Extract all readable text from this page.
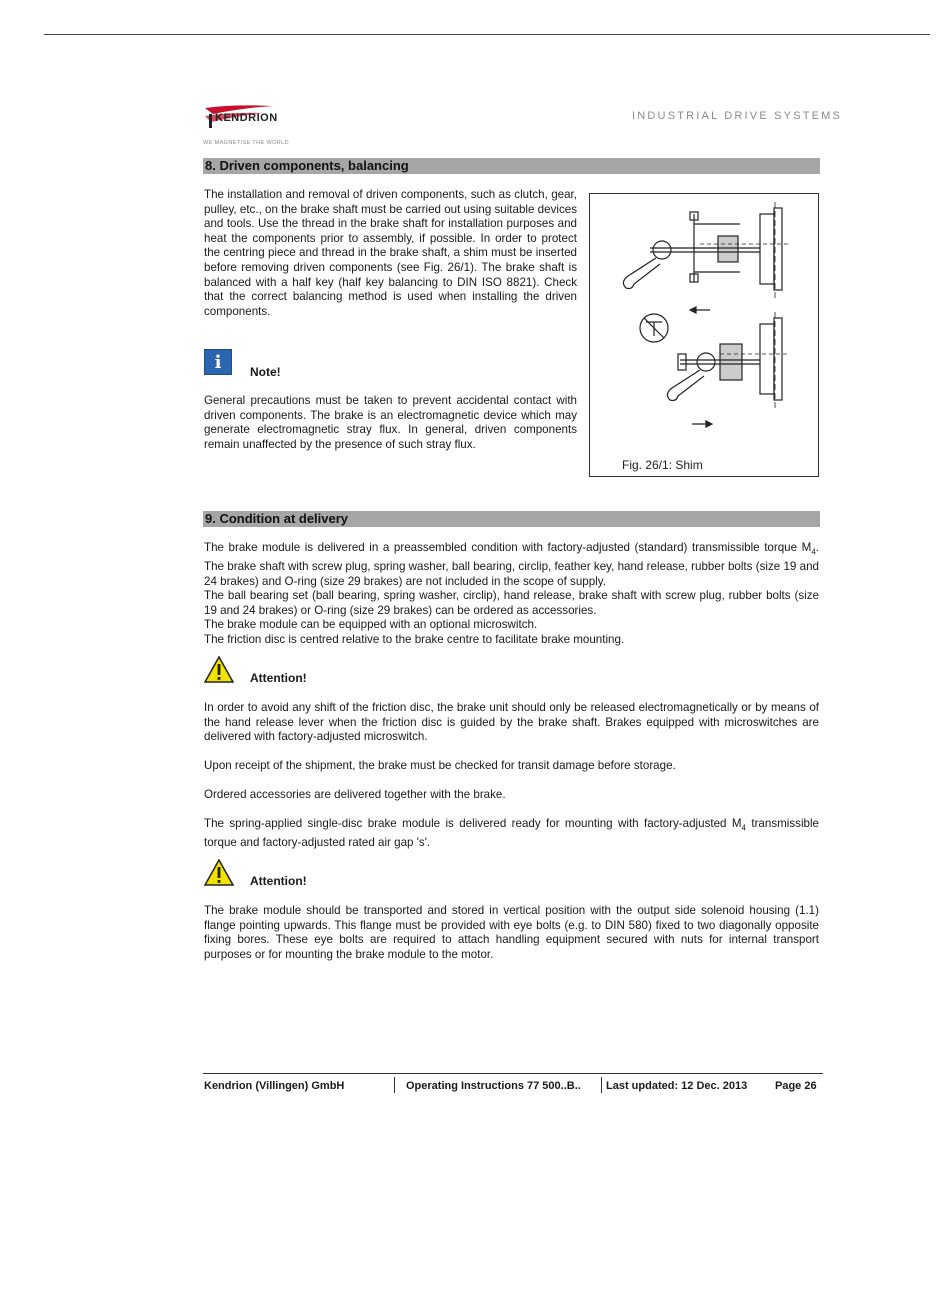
KENDRION
WE MAGNETISE THE WORLD
INDUSTRIAL DRIVE SYSTEMS
8. Driven components, balancing

The installation and removal of driven components, such as clutch, gear, pulley, etc., on the brake shaft must be carried out using suitable devices and tools. Use the thread in the brake shaft for installation purposes and heat the components prior to assembly, if possible. In order to protect the centring piece and thread in the brake shaft, a shim must be inserted before removing driven components (see Fig. 26/1). The brake shaft is balanced with a half key (half key balancing to DIN ISO 8821). Check that the correct balancing method is used when installing the driven components.

i	Note!

General precautions must be taken to prevent accidental contact with driven components. The brake is an electromagnetic device which may generate electromagnetic stray flux. In general, driven components remain unaffected by the presence of such stray flux.

Fig. 26/1: Shim
9. Condition at delivery

The brake module is delivered in a preassembled condition with factory-adjusted (standard) transmissible torque $M_4$. The brake shaft with screw plug, spring washer, ball bearing, circlip, feather key, hand release, rubber bolts (size 19 and 24 brakes) and O-ring (size 29 brakes) are not included in the scope of supply.

The ball bearing set (ball bearing, spring washer, circlip), hand release, brake shaft with screw plug, rubber bolts (size 19 and 24 brakes) or O-ring (size 29 brakes) can be ordered as accessories.

The brake module can be equipped with an optional microswitch.

The friction disc is centred relative to the brake centre to facilitate brake mounting.

Attention!

In order to avoid any shift of the friction disc, the brake unit should only be released electromagnetically or by means of the hand release lever when the friction disc is guided by the brake shaft. Brakes equipped with microswitches are delivered with factory-adjusted microswitch.

Upon receipt of the shipment, the brake must be checked for transit damage before storage.

Ordered accessories are delivered together with the brake.

The spring-applied single-disc brake module is delivered ready for mounting with factory-adjusted $M_4$ transmissible torque and factory-adjusted rated air gap 's'.

Attention!

The brake module should be transported and stored in vertical position with the output side solenoid housing (1.1) flange pointing upwards. This flange must be provided with eye bolts (e.g. to DIN 580) fixed to two diagonally opposite fixing bores. These eye bolts are required to attach handling equipment secured with nuts for internal transport purposes or for mounting the brake module to the motor.

Kendrion (Villingen) GmbH	Operating Instructions 77 500..B.. Last updated: 12 Dec. 2013	Page 26
